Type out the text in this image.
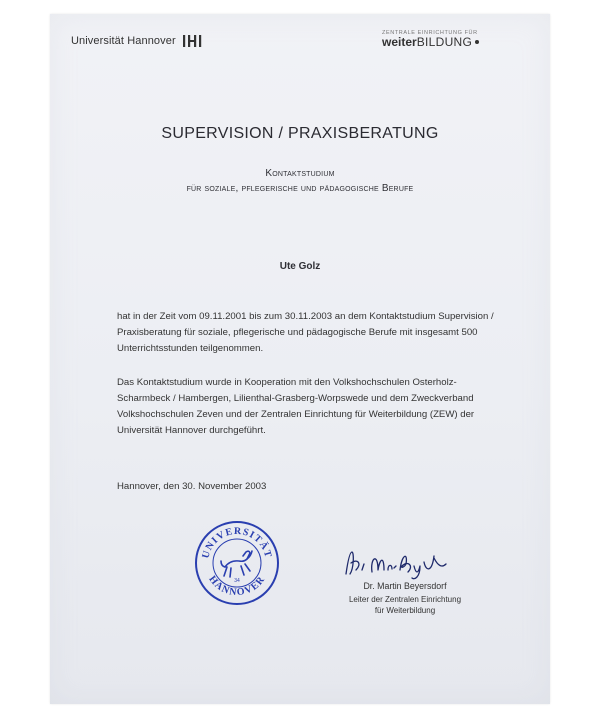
Universität Hannover
ZENTRALE EINRICHTUNG FÜR
weiter BILDUNG
SUPERVISION / PRAXISBERATUNG
Kontaktstudium
für soziale, pflegerische und pädagogische Berufe
Ute Golz
hat in der Zeit vom 09.11.2001 bis zum 30.11.2003 an dem Kontaktstudium Supervision / Praxisberatung für soziale, pflegerische und pädagogische Berufe mit insgesamt 500 Unterrichtsstunden teilgenommen.
Das Kontaktstudium wurde in Kooperation mit den Volkshochschulen Osterholz-Scharmbeck / Hambergen, Lilienthal-Grasberg-Worpswede und dem Zweckverband Volkshochschulen Zeven und der Zentralen Einrichtung für Weiterbildung (ZEW) der Universität Hannover durchgeführt.
Hannover, den 30. November 2003
UNIVERSITÄT
HANNOVER
34	Dr. Martin Beyersdorf
Leiter der Zentralen Einrichtung
für Weiterbildung
